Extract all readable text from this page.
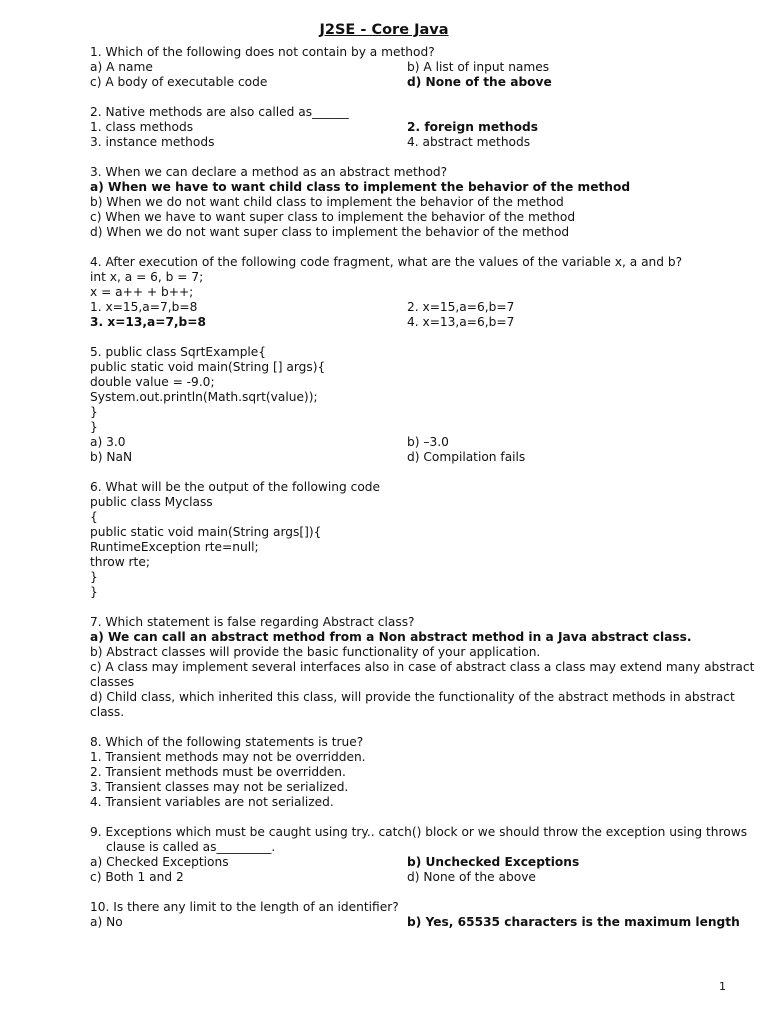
J2SE - Core Java
1. Which of the following does not contain by a method?
a) A name	b) A list of input names
c) A body of executable code	d) None of the above
2. Native methods are also called as______
1. class methods	2. foreign methods
3. instance methods	4. abstract methods
3. When we can declare a method as an abstract method?
a) When we have to want child class to implement the behavior of the method
b) When we do not want child class to implement the behavior of the method
c) When we have to want super class to implement the behavior of the method
d) When we do not want super class to implement the behavior of the method
4. After execution of the following code fragment, what are the values of the variable x, a and b?
int x, a = 6, b = 7;
x = a++ + b++;
1. x=15,a=7,b=8	2. x=15,a=6,b=7
3. x=13,a=7,b=8	4. x=13,a=6,b=7
5. public class SqrtExample{
public static void main(String [] args){
double value = -9.0;
System.out.println(Math.sqrt(value));
}
}
a) 3.0	b) –3.0
b) NaN	d) Compilation fails
6. What will be the output of the following code
public class Myclass
{
public static void main(String args[]){
RuntimeException rte=null;
throw rte;
}
}
7. Which statement is false regarding Abstract class?
a) We can call an abstract method from a Non abstract method in a Java abstract class.
b) Abstract classes will provide the basic functionality of your application.
c) A class may implement several interfaces also in case of abstract class a class may extend many abstract classes
d) Child class, which inherited this class, will provide the functionality of the abstract methods in abstract class.
8. Which of the following statements is true?
1. Transient methods may not be overridden.
2. Transient methods must be overridden.
3. Transient classes may not be serialized.
4. Transient variables are not serialized.
9. Exceptions which must be caught using try.. catch() block or we should throw the exception using throws clause is called as_________.
a) Checked Exceptions	b) Unchecked Exceptions
c) Both 1 and 2	d) None of the above
10. Is there any limit to the length of an identifier?
a) No	b) Yes, 65535 characters is the maximum length
1
